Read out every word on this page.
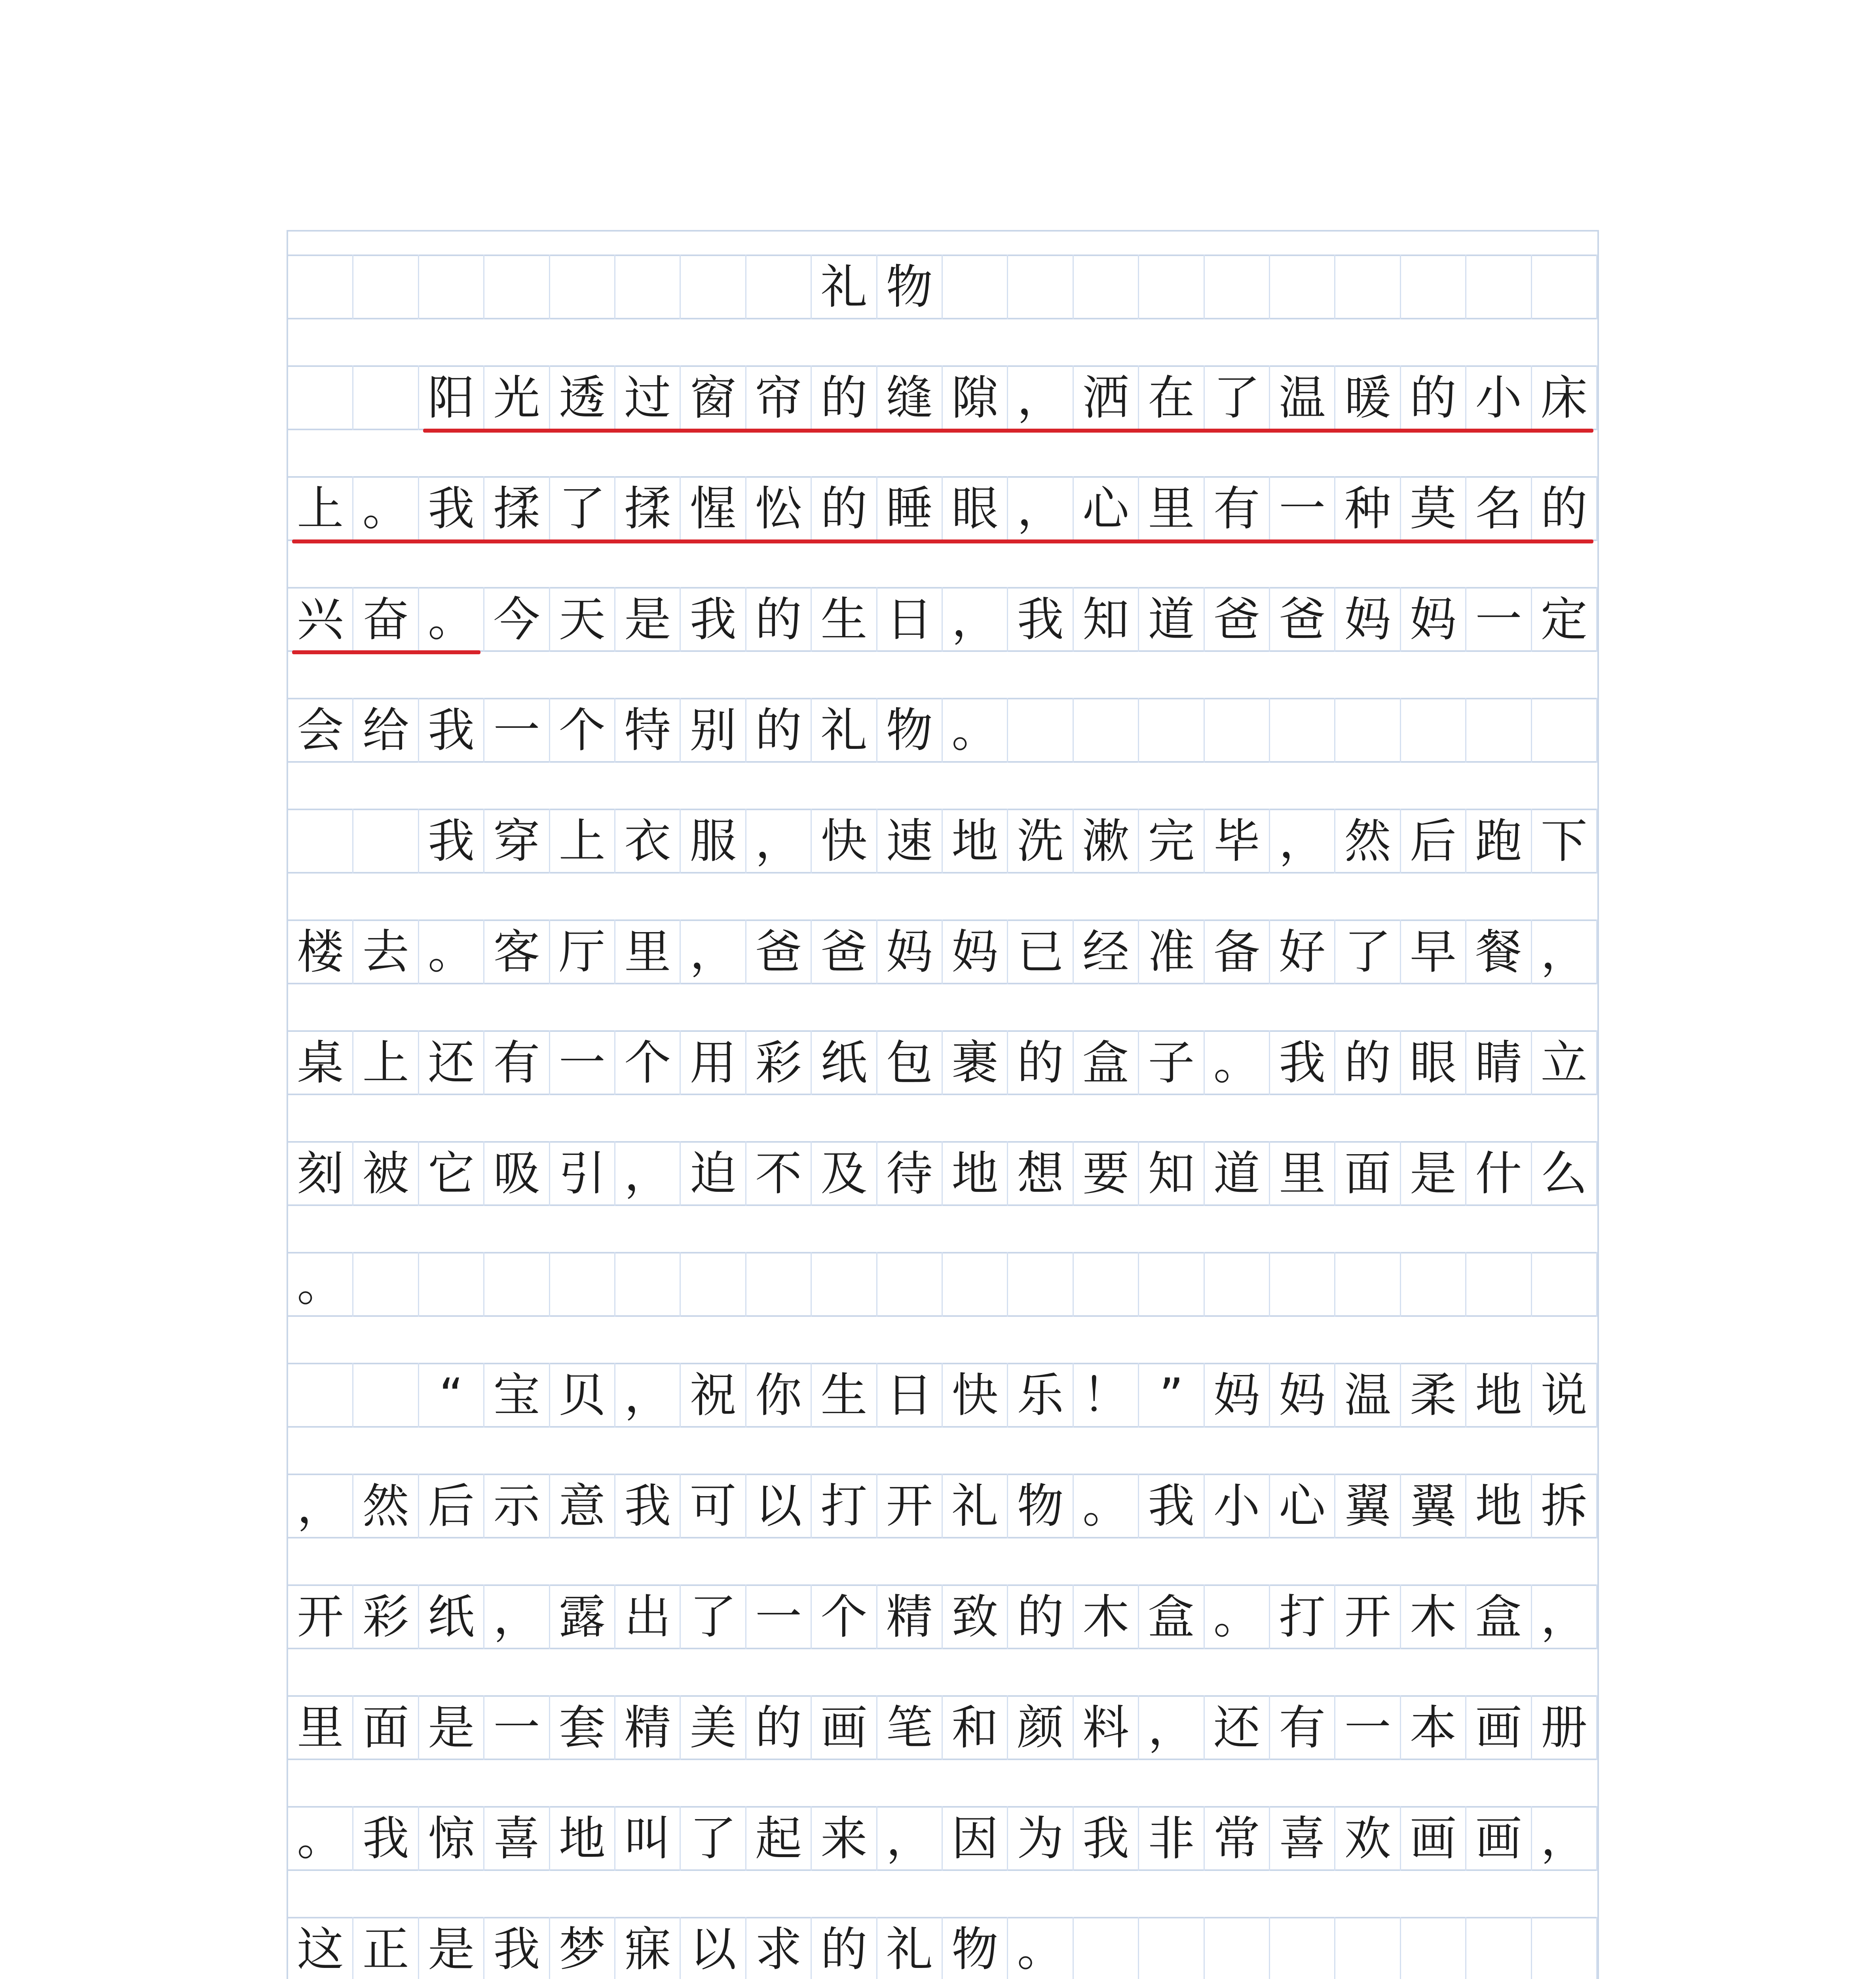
礼 物
阳 光 透 过 窗 帘 的 缝 隙 ， 洒 在 了 温 暖 的 小 床
上 。 我 揉 了 揉 惺 忪 的 睡 眼 ， 心 里 有 一 种 莫 名 的
兴 奋 。 今 天 是 我 的 生 日 ， 我 知 道 爸 爸 妈 妈 一 定
会 给 我 一 个 特 别 的 礼 物 。
我 穿 上 衣 服 ， 快 速 地 洗 漱 完 毕 ， 然 后 跑 下
楼 去 。 客 厅 里 ， 爸 爸 妈 妈 已 经 准 备 好 了 早 餐 ，
桌 上 还 有 一 个 用 彩 纸 包 裹 的 盒 子 。 我 的 眼 睛 立
刻 被 它 吸 引 ， 迫 不 及 待 地 想 要 知 道 里 面 是 什 么
。
“ 宝 贝 ， 祝 你 生 日 快 乐 ！ ” 妈 妈 温 柔 地 说
， 然 后 示 意 我 可 以 打 开 礼 物 。 我 小 心 翼 翼 地 拆
开 彩 纸 ， 露 出 了 一 个 精 致 的 木 盒 。 打 开 木 盒 ，
里 面 是 一 套 精 美 的 画 笔 和 颜 料 ， 还 有 一 本 画 册
。 我 惊 喜 地 叫 了 起 来 ， 因 为 我 非 常 喜 欢 画 画 ，
这 正 是 我 梦 寐 以 求 的 礼 物 。
